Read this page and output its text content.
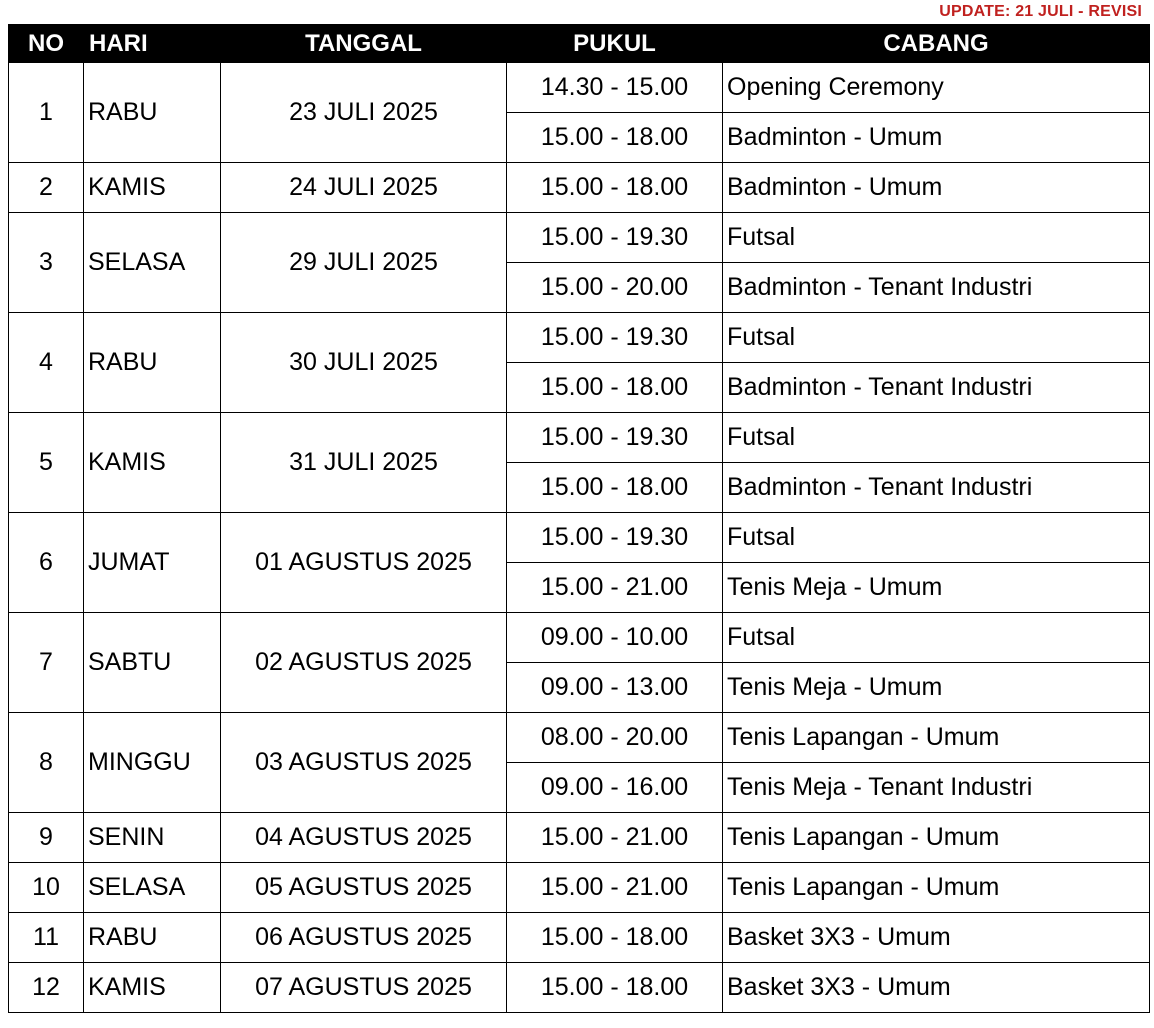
UPDATE: 21 JULI - REVISI
NO	HARI	TANGGAL	PUKUL	CABANG
1	RABU	23 JULI 2025	14.30 - 15.00	Opening Ceremony
			15.00 - 18.00	Badminton - Umum
2	KAMIS	24 JULI 2025	15.00 - 18.00	Badminton - Umum
3	SELASA	29 JULI 2025	15.00 - 19.30	Futsal
			15.00 - 20.00	Badminton - Tenant Industri
4	RABU	30 JULI 2025	15.00 - 19.30	Futsal
			15.00 - 18.00	Badminton - Tenant Industri
5	KAMIS	31 JULI 2025	15.00 - 19.30	Futsal
			15.00 - 18.00	Badminton - Tenant Industri
6	JUMAT	01 AGUSTUS 2025	15.00 - 19.30	Futsal
			15.00 - 21.00	Tenis Meja - Umum
7	SABTU	02 AGUSTUS 2025	09.00 - 10.00	Futsal
			09.00 - 13.00	Tenis Meja - Umum
8	MINGGU	03 AGUSTUS 2025	08.00 - 20.00	Tenis Lapangan - Umum
			09.00 - 16.00	Tenis Meja - Tenant Industri
9	SENIN	04 AGUSTUS 2025	15.00 - 21.00	Tenis Lapangan - Umum
10	SELASA	05 AGUSTUS 2025	15.00 - 21.00	Tenis Lapangan - Umum
11	RABU	06 AGUSTUS 2025	15.00 - 18.00	Basket 3X3 - Umum
12	KAMIS	07 AGUSTUS 2025	15.00 - 18.00	Basket 3X3 - Umum
